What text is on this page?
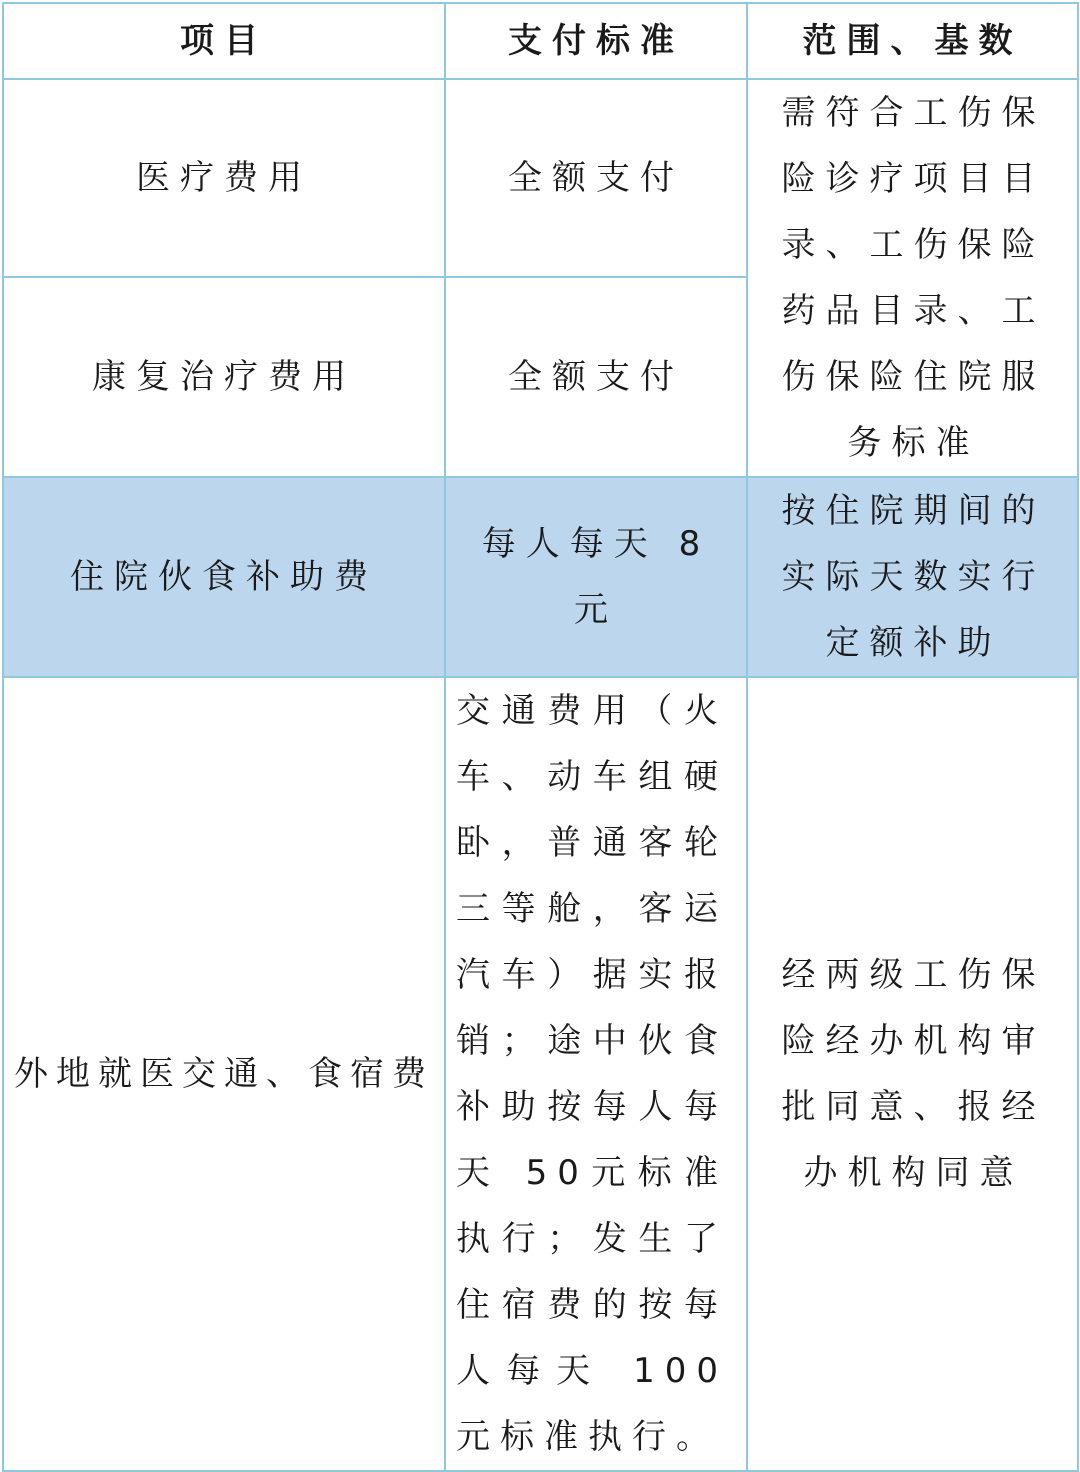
项目	支付标准	范围、基数

医疗费用	全额支付	需符合工伤保险诊疗项目目录、工伤保险药品目录、工伤保险住院服务标准

康复治疗费用	全额支付	

住院伙食补助费	每人每天 8 元	按住院期间的实际天数实行定额补助

外地就医交通、食宿费	交通费用（火车、动车组硬卧，普通客轮三等舱，客运汽车）据实报销；途中伙食补助按每人每天 50元标准执行；发生了住宿费的按每人每天 100 元标准执行。	经两级工伤保险经办机构审批同意、报经办机构同意
